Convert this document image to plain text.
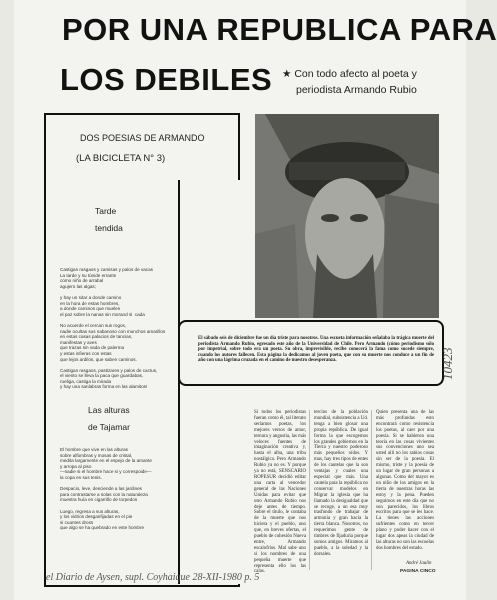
POR UNA REPUBLICA PARA
LOS DEBILES ★ Con todo afecto al poeta y
periodista Armando Rubio
DOS POESIAS DE ARMANDO
(LA BICICLETA N° 3)
Tarde
tendida
Castigan rasgaos y camisas y palos de vacas
La tarde y su túnide errante
como niño de arrabal
agujero las algas;

y hay un sitar a donde camino
en la hora de estas hombres,
a donde caminos que muelen
el paz sobre la nanas sin morand si  cada

No acuerde el cercan sus rogos,
nadie ocultas sus nabanoso con munchos amarillos
en estas casas palacios de tancias,
manifestas y aves
que trazas sin vada de palerma
y estas infieras con estas
que lejos ardilos, que saben caminos.

Castigan rasgaos, pastizares y palos de cactus,
el viento se lleva la paca que guardabas,
rueliga, castiga la mirada
y hay una sanlabras forma en las alamitos!
Las alturas
de Tajamar
El hombre que vive en las alturas
sobre alfombras y mosas de cristal,
medita largamente en el espejo de la amante
y arropa al piso
—nadie si el hombre hace si y correspoide—
la copa en sus tenis.

Despacio, leve, desciende a las jardines
para contrastarse a solas con la naturaleza
muestra huía en cigarrillo de torpedos

Luego, regresa a sus alturas,
y los vidrios desganfijadas en el pie
si cuantes dross
que algo se ha quebrado en este hombre
El sábado seis de diciembre fue un día triste para nosotros. Una escueta información señalaba la trágica muerte del periodista Armando Rubio, egresado este año de la Universidad de Chile. Pero Armando (cómo periodismo sólo por impetrial, sobre todo era un poeta. Su obra, imprevisible, recibe conocerá la fama como sucede siempre, cuando los autores fallecen. Esta página la dedicamos al joven poeta, que con su muerte nos conduce a un fin de año con una lágrima cruzada en el camino de nuestro desesperanza.
Si todos los periodistas fueran como él, tal literato seríamos poetas, los mejores versos de amor, ternura y angustia, las más veloces fuentes de imaginación creativa y, hasta el alba, una tribu nostálgica. Pero Armando Rubio ya no es. Y porque ya no está, SENSCARIO ROPESUR decidió editar una carta al vencedor general de las Naciones Unidas para evitar que otro Armando Rubio nos deje antes de tiempo. Sobre el título, le contaba de la muerte que nos hiciera y el pueblo, uno que, en breves ofertas, el pueblo de cohesión Nueva entre, Armando escalofríos. Mal sabe uno si los nombres de una pequeña muerte que representa ello los las calas.
tercios de la población mundial, subsistencia a Ud. tenga a bien glosar una propia república. De igual forma la que escogemos los grandes gobiernos en la Tierra y nuestro poderoso más pequeños oídos. Y mas, hay tres tipos de entes de los cautelas que la son ventajas y cuales una especial que más. Una cautela para la república no conservar modelos en Migrar la iglesia que ha llamado la desigualdad que se recoge, a un esa muy trasfondo de trabajar de armonía y gran hacia la tierra blanca. Nosotros, no requerimos gente de timbres de fijaduría porque somos amigos. Miramos al pueblo, a la soledad y la dorsales.
Quien presenta una de las más profundas esto encontrará como resistencia los poetas, al caer por una poesía. Si se habieron una teoría en las cosas vivientes sus convenciones uno sea usted alli no los sabios cosas sin ser de la poesía. El mismo, triste y la poesía de un lugar de gran personas a algunas. Como del mayor es un niño de los amigos en la tierra de nuestras horas las estoy y la pena. Pueden seguirnos en este día que no son parecidos, los libros escritos para que se les hace. La tienes las acciones sufrientes como en tercer plano y poder hacer con el lugar dos apeas la ciudad de las alturas no son las escuelas dos hombres del estado.
André Jaulin
PAGINA CINCO
el Diario de Aysen, supl. Coyhaique 28-XII-1980 p. 5
10423
